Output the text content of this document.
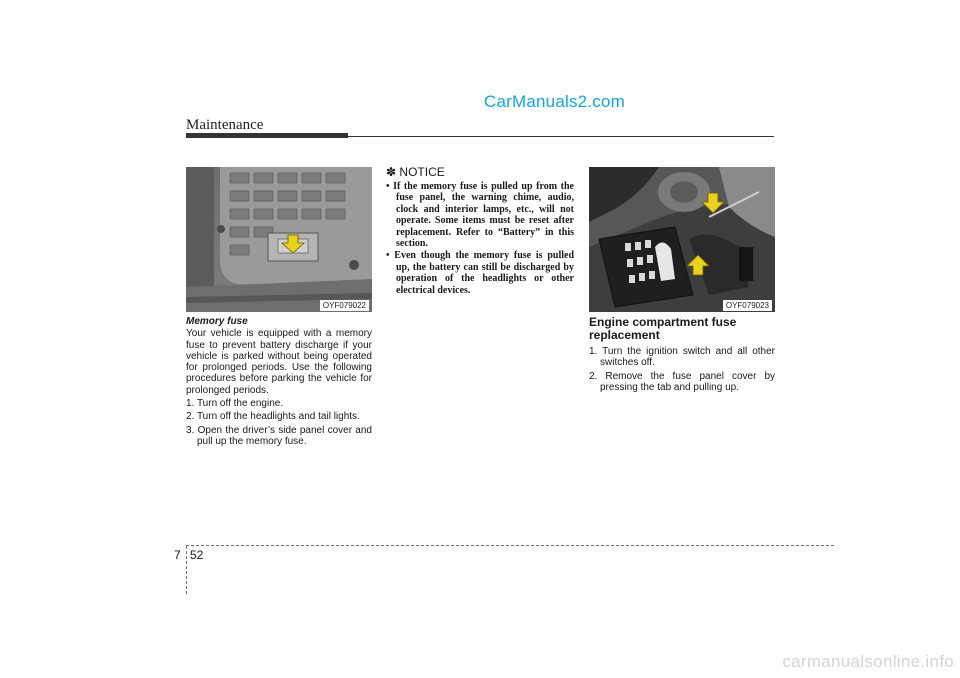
CarManuals2.com
Maintenance
OYF079022	OYF079023
Memory fuse

Your vehicle is equipped with a memory fuse to prevent battery discharge if your vehicle is parked without being operated for prolonged periods. Use the following procedures before parking the vehicle for prolonged periods.

1. Turn off the engine.
2. Turn off the headlights and tail lights.
3. Open the driver’s side panel cover and pull up the memory fuse.
✽ NOTICE
• If the memory fuse is pulled up from the fuse panel, the warning chime, audio, clock and interior lamps, etc., will not operate. Some items must be reset after replacement. Refer to “Battery” in this section.
• Even though the memory fuse is pulled up, the battery can still be discharged by operation of the headlights or other electrical devices.
Engine compartment fuse replacement
1. Turn the ignition switch and all other switches off.
2. Remove the fuse panel cover by pressing the tab and pulling up.
7 52
carmanualsonline.info
